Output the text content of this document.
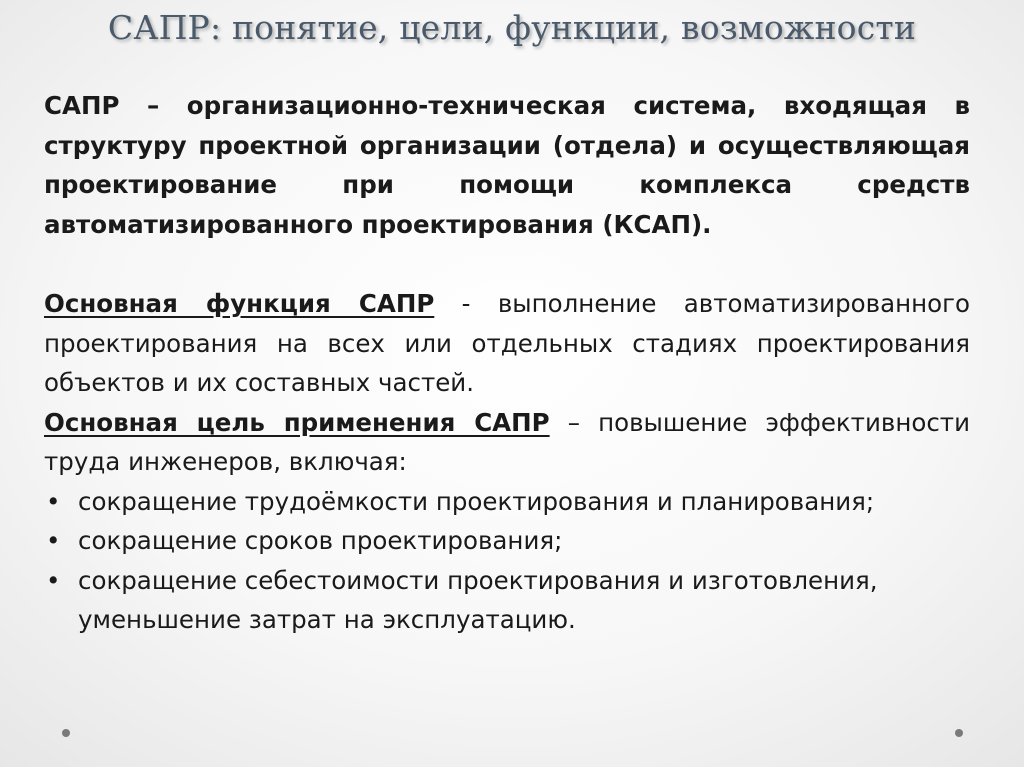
САПР: понятие, цели, функции, возможности

САПР – организационно-техническая система, входящая в структуру проектной организации (отдела) и осуществляющая проектирование при помощи комплекса средств автоматизированного проектирования (КСАП).

Основная функция САПР - выполнение автоматизированного проектирования на всех или отдельных стадиях проектирования объектов и их составных частей.

Основная цель применения САПР – повышение эффективности труда инженеров, включая:

• сокращение трудоёмкости проектирования и планирования;
• сокращение сроков проектирования;
• сокращение себестоимости проектирования и изготовления, уменьшение затрат на эксплуатацию.
